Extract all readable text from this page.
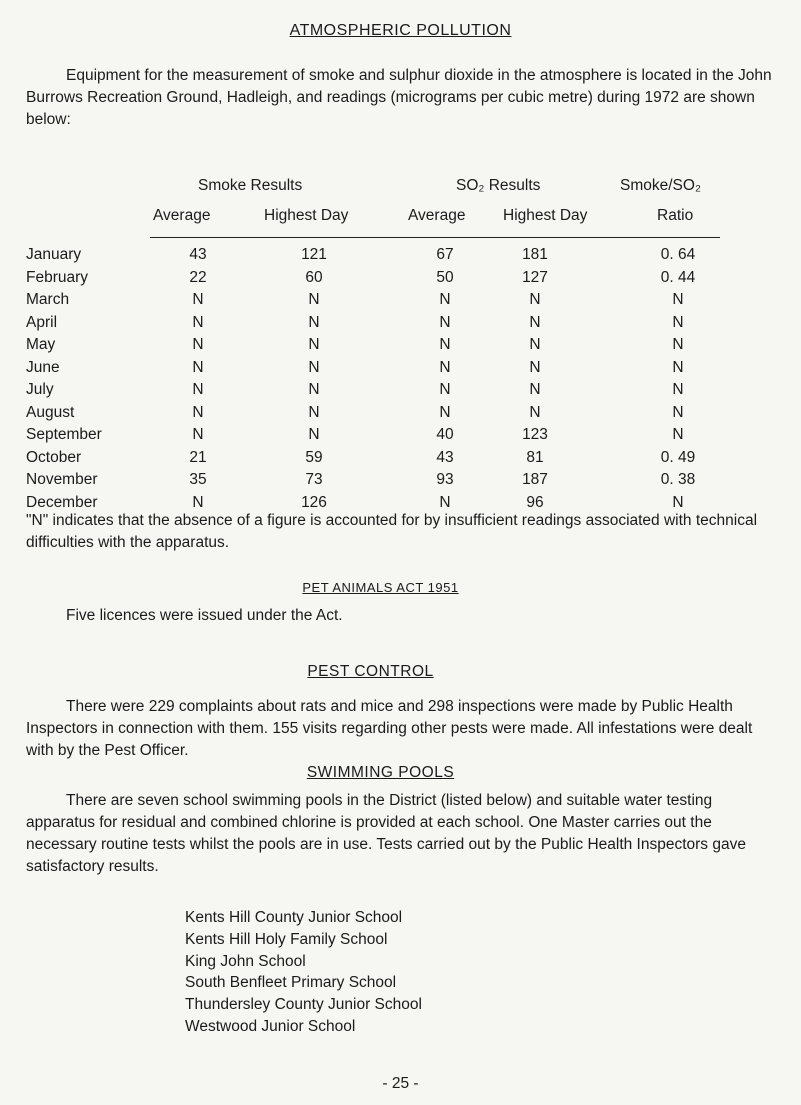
ATMOSPHERIC POLLUTION

Equipment for the measurement of smoke and sulphur dioxide in the atmosphere is located in the John Burrows Recreation Ground, Hadleigh, and readings (micrograms per cubic metre) during 1972 are shown below:

Smoke Results	SO₂ Results	Smoke/SO₂
Average	Highest Day	Average Highest Day	Ratio
January	43	121	67	181	0. 64
February	22	60	50	127	0. 44
March	N	N	N	N	N
April	N	N	N	N	N
May	N	N	N	N	N
June	N	N	N	N	N
July	N	N	N	N	N
August	N	N	N	N	N
September	N	N	40	123	N
October	21	59	43	81	0. 49
November	35	73	93	187	0. 38
December	N	126	N	96	N

"N" indicates that the absence of a figure is accounted for by insufficient readings associated with technical difficulties with the apparatus.

PET ANIMALS ACT 1951
Five licences were issued under the Act.
PEST CONTROL

There were 229 complaints about rats and mice and 298 inspections were made by Public Health Inspectors in connection with them. 155 visits regarding other pests were made. All infestations were dealt with by the Pest Officer.

SWIMMING POOLS

There are seven school swimming pools in the District (listed below) and suitable water testing apparatus for residual and combined chlorine is provided at each school. One Master carries out the necessary routine tests whilst the pools are in use. Tests carried out by the Public Health Inspectors gave satisfactory results.

Kents Hill County Junior School
Kents Hill Holy Family School
King John School
South Benfleet Primary School
Thundersley County Junior School
Westwood Junior School
- 25 -
